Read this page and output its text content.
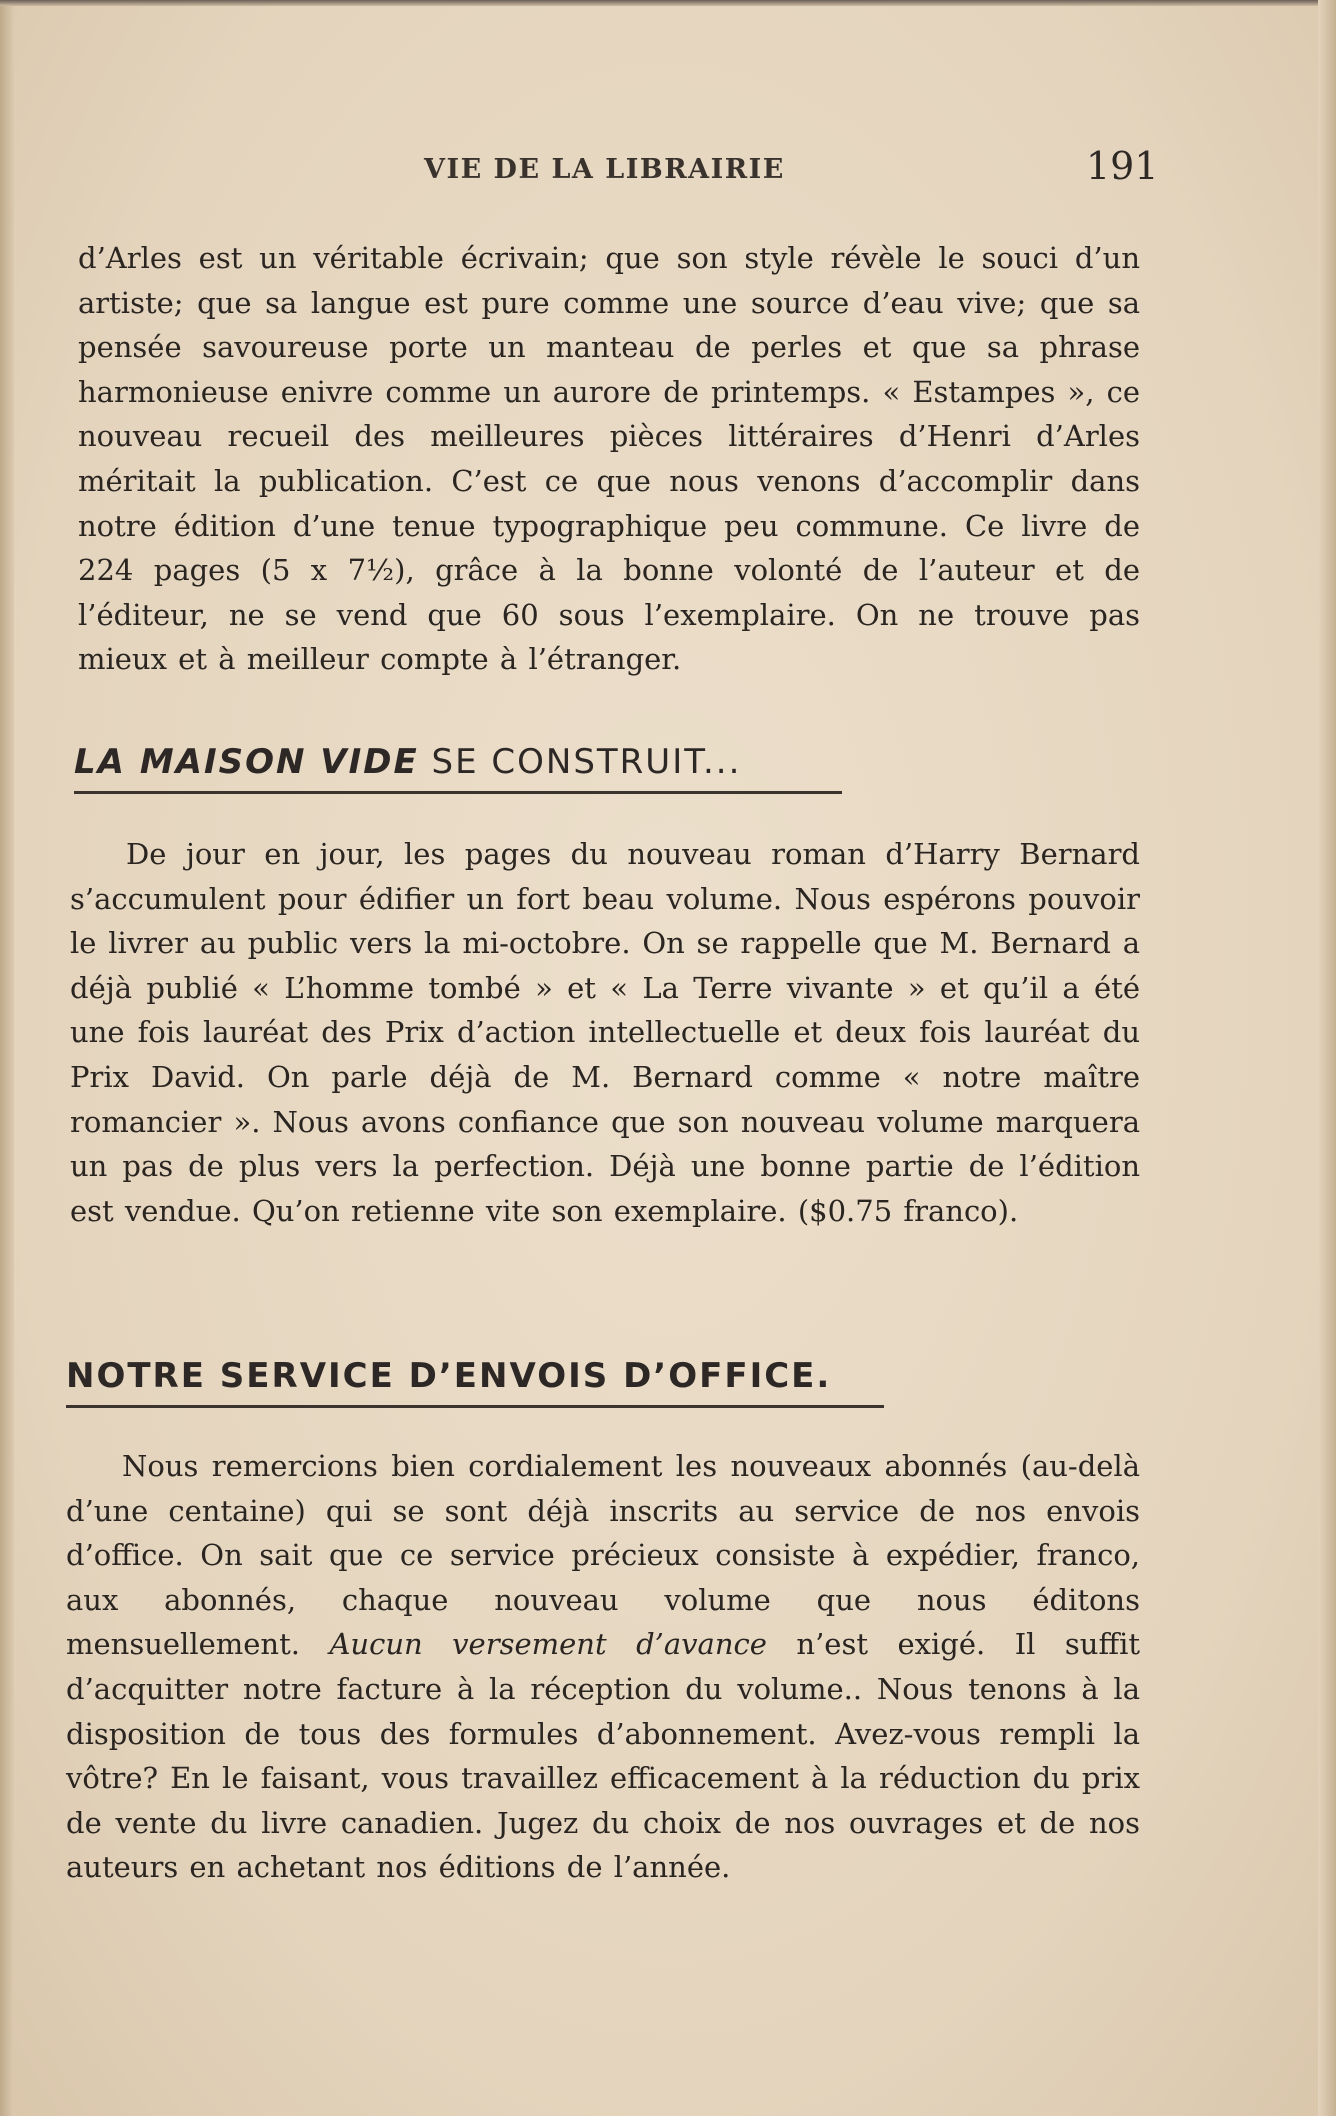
VIE DE LA LIBRAIRIE	191

d’Arles est un véritable écrivain; que son style révèle le souci d’un artiste; que sa langue est pure comme une source d’eau vive; que sa pensée savoureuse porte un manteau de perles et que sa phrase harmonieuse enivre comme un aurore de printemps. « Estampes », ce nouveau recueil des meilleures pièces littéraires d’Henri d’Arles méritait la publication. C’est ce que nous venons d’accomplir dans notre édition d’une tenue typographique peu commune. Ce livre de 224 pages (5 x 7½), grâce à la bonne volonté de l’auteur et de l’éditeur, ne se vend que 60 sous l’exemplaire. On ne trouve pas mieux et à meilleur compte à l’étranger.

LA MAISON VIDE SE CONSTRUIT...

De jour en jour, les pages du nouveau roman d’Harry Bernard s’accumulent pour édifier un fort beau volume. Nous espérons pouvoir le livrer au public vers la mi-octobre. On se rappelle que M. Bernard a déjà publié « L’homme tombé » et « La Terre vivante » et qu’il a été une fois lauréat des Prix d’action intellectuelle et deux fois lauréat du Prix David. On parle déjà de M. Bernard comme « notre maître romancier ». Nous avons confiance que son nouveau volume marquera un pas de plus vers la perfection. Déjà une bonne partie de l’édition est vendue. Qu’on retienne vite son exemplaire. ($0.75 franco).

NOTRE SERVICE D’ENVOIS D’OFFICE.

Nous remercions bien cordialement les nouveaux abonnés (au-delà d’une centaine) qui se sont déjà inscrits au service de nos envois d’office. On sait que ce service précieux consiste à expédier, franco, aux abonnés, chaque nouveau volume que nous éditons mensuellement. Aucun versement d’avance n’est exigé. Il suffit d’acquitter notre facture à la réception du volume.. Nous tenons à la disposition de tous des formules d’abonnement. Avez-vous rempli la vôtre? En le faisant, vous travaillez efficacement à la réduction du prix de vente du livre canadien. Jugez du choix de nos ouvrages et de nos auteurs en achetant nos éditions de l’année.
